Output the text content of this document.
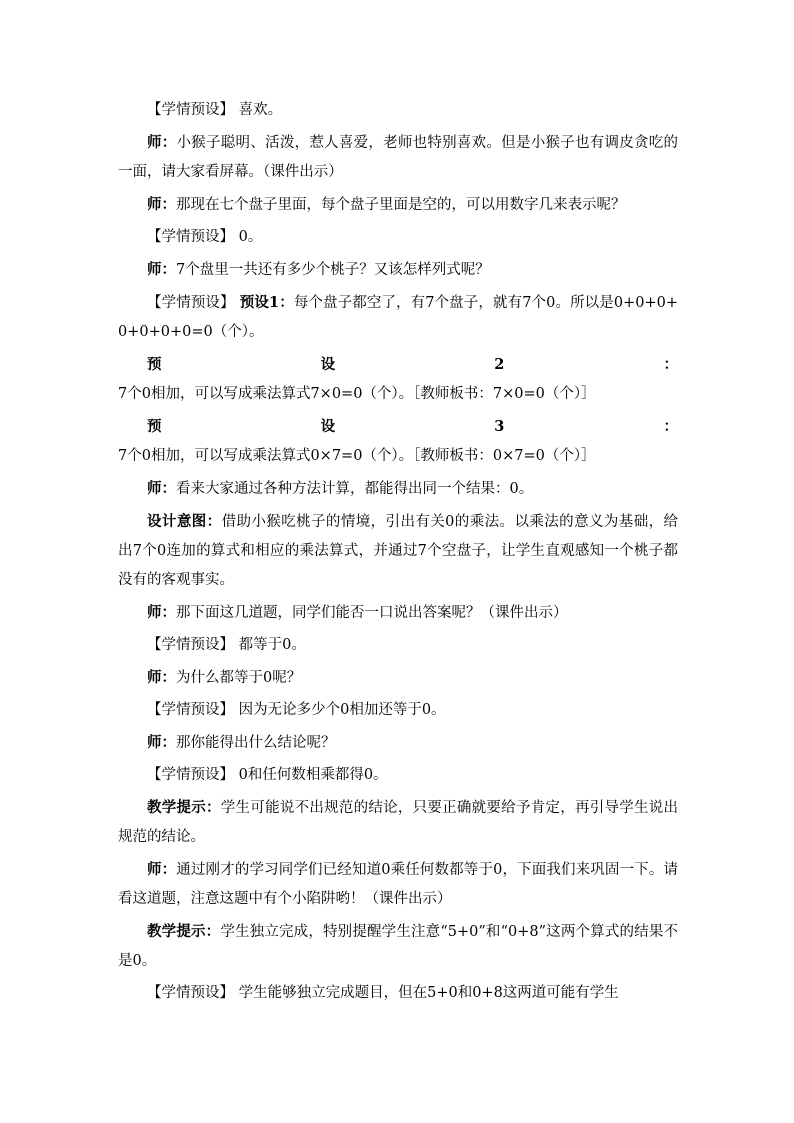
【学情预设】 喜欢。

师：小猴子聪明、活泼，惹人喜爱，老师也特别喜欢。但是小猴子也有调皮贪吃的一面，请大家看屏幕。（课件出示）

师：那现在七个盘子里面，每个盘子里面是空的，可以用数字几来表示呢？

【学情预设】 0。

师：7个盘里一共还有多少个桃子？又该怎样列式呢？

【学情预设】 预设1：每个盘子都空了，有7个盘子，就有7个0。所以是0+0+0+0+0+0+0=0（个）。

预设2：7个0相加，可以写成乘法算式7×0=0（个）。［教师板书：7×0=0（个）］

预设3：7个0相加，可以写成乘法算式0×7=0（个）。［教师板书：0×7=0（个）］

师：看来大家通过各种方法计算，都能得出同一个结果：0。

设计意图：借助小猴吃桃子的情境，引出有关0的乘法。以乘法的意义为基础，给出7个0连加的算式和相应的乘法算式，并通过7个空盘子，让学生直观感知一个桃子都没有的客观事实。

师：那下面这几道题，同学们能否一口说出答案呢？（课件出示）

【学情预设】 都等于0。

师：为什么都等于0呢？

【学情预设】 因为无论多少个0相加还等于0。

师：那你能得出什么结论呢？

【学情预设】 0和任何数相乘都得0。

教学提示：学生可能说不出规范的结论，只要正确就要给予肯定，再引导学生说出规范的结论。

师：通过刚才的学习同学们已经知道0乘任何数都等于0，下面我们来巩固一下。请看这道题，注意这题中有个小陷阱哟！（课件出示）

教学提示：学生独立完成，特别提醒学生注意“5+0”和“0+8”这两个算式的结果不是0。

【学情预设】 学生能够独立完成题目，但在5+0和0+8这两道可能有学生
